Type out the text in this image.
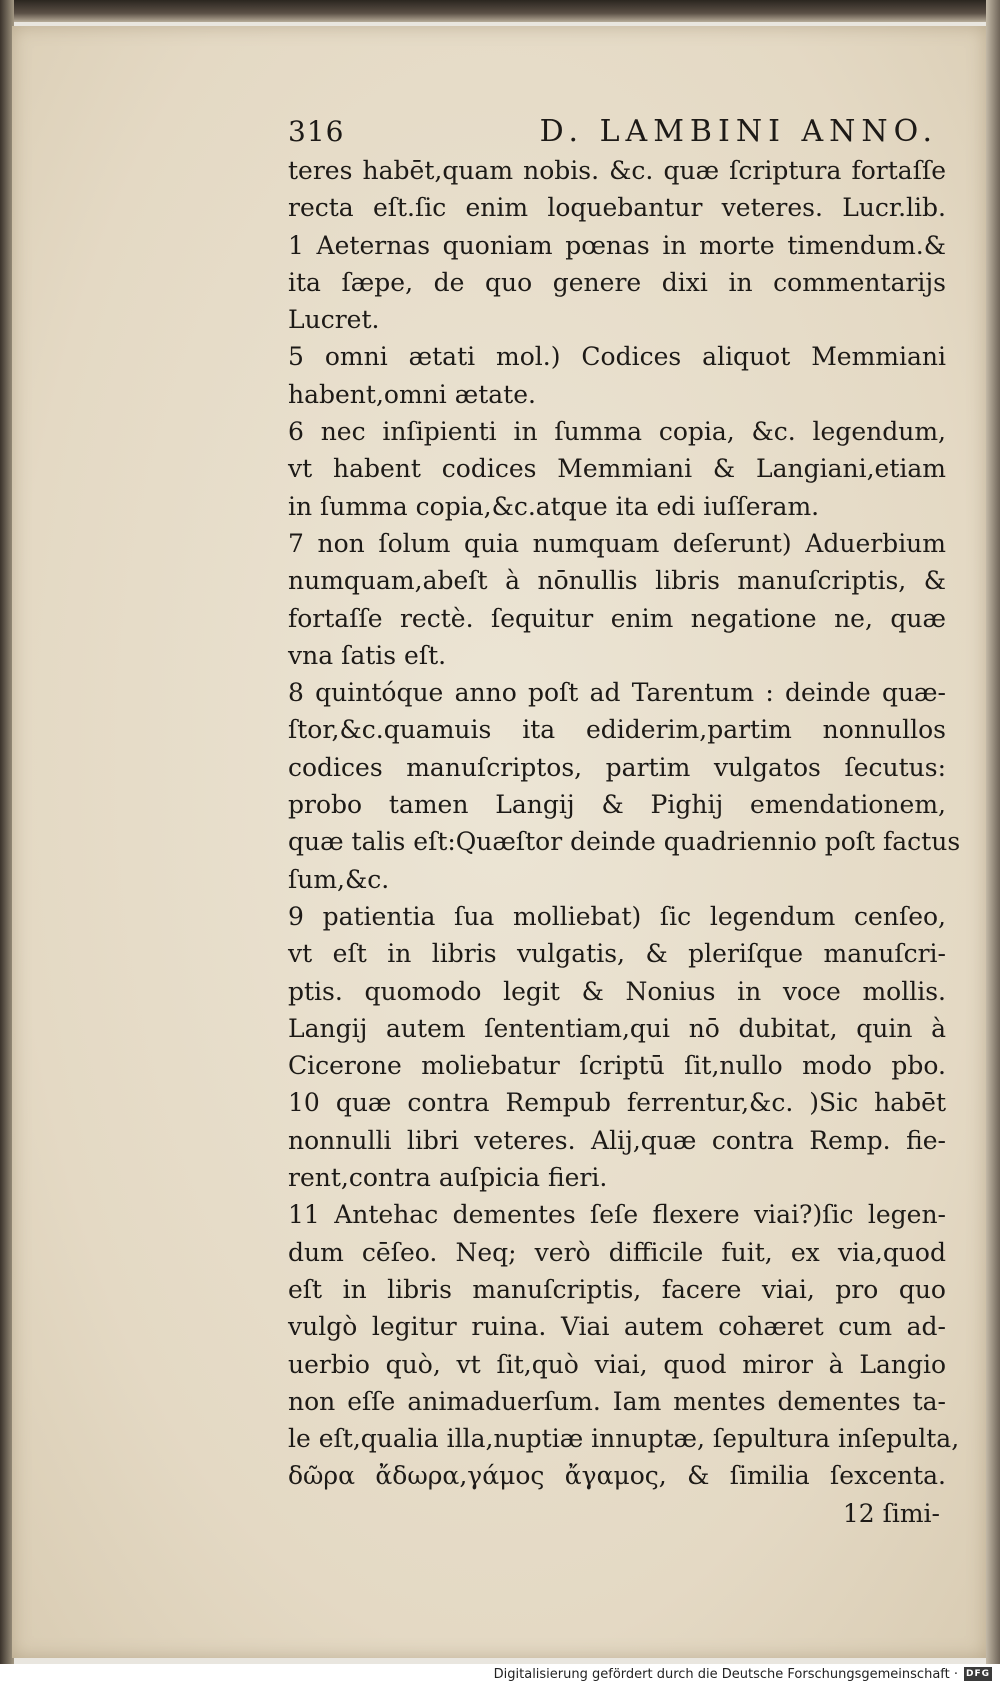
316	D. LAMBINI ANNO.
teres habēt,quam nobis. &c. quæ ſcriptura fortaſſe
recta eſt.ſic enim loquebantur veteres. Lucr.lib.
1 Aeternas quoniam pœnas in morte timendum.&
ita ſæpe, de quo genere dixi in commentarijs
Lucret.
5 omni ætati mol.) Codices aliquot Memmiani
habent,omni ætate.
6 nec inſipienti in ſumma copia, &c. legendum,
vt habent codices Memmiani & Langiani,etiam
in ſumma copia,&c.atque ita edi iuſſeram.
7 non ſolum quia numquam deſerunt) Aduerbium
numquam,abeſt à nōnullis libris manuſcriptis, &
fortaſſe rectè. ſequitur enim negatione ne, quæ
vna ſatis eſt.
8 quintóque anno poſt ad Tarentum : deinde quæ-
ſtor,&c.quamuis ita ediderim,partim nonnullos
codices manuſcriptos, partim vulgatos ſecutus:
probo tamen Langij & Pighij emendationem,
quæ talis eſt:Quæſtor deinde quadriennio poſt factus
ſum,&c.
9 patientia ſua molliebat) ſic legendum cenſeo,
vt eſt in libris vulgatis, & pleriſque manuſcri-
ptis. quomodo legit & Nonius in voce mollis.
Langij autem ſententiam,qui nō dubitat, quin à
Cicerone moliebatur ſcriptū ſit,nullo modo pbo.
10 quæ contra Rempub ferrentur,&c. )Sic habēt
nonnulli libri veteres. Alij,quæ contra Remp. fie-
rent,contra auſpicia fieri.
11 Antehac dementes ſeſe flexere viai?)ſic legen-
dum cēſeo. Neq; verò difficile fuit, ex via,quod
eſt in libris manuſcriptis, facere viai, pro quo
vulgò legitur ruina. Viai autem cohæret cum ad-
uerbio quò, vt ſit,quò viai, quod miror à Langio
non eſſe animaduerſum. Iam mentes dementes ta-
le eſt,qualia illa,nuptiæ innuptæ, ſepultura inſepulta,
δῶρα ἄδωρα,γάμος ἄγαμος, & ſimilia ſexcenta.
12 ſimi-
Digitalisierung gefördert durch die Deutsche Forschungsgemeinschaft · DFG
